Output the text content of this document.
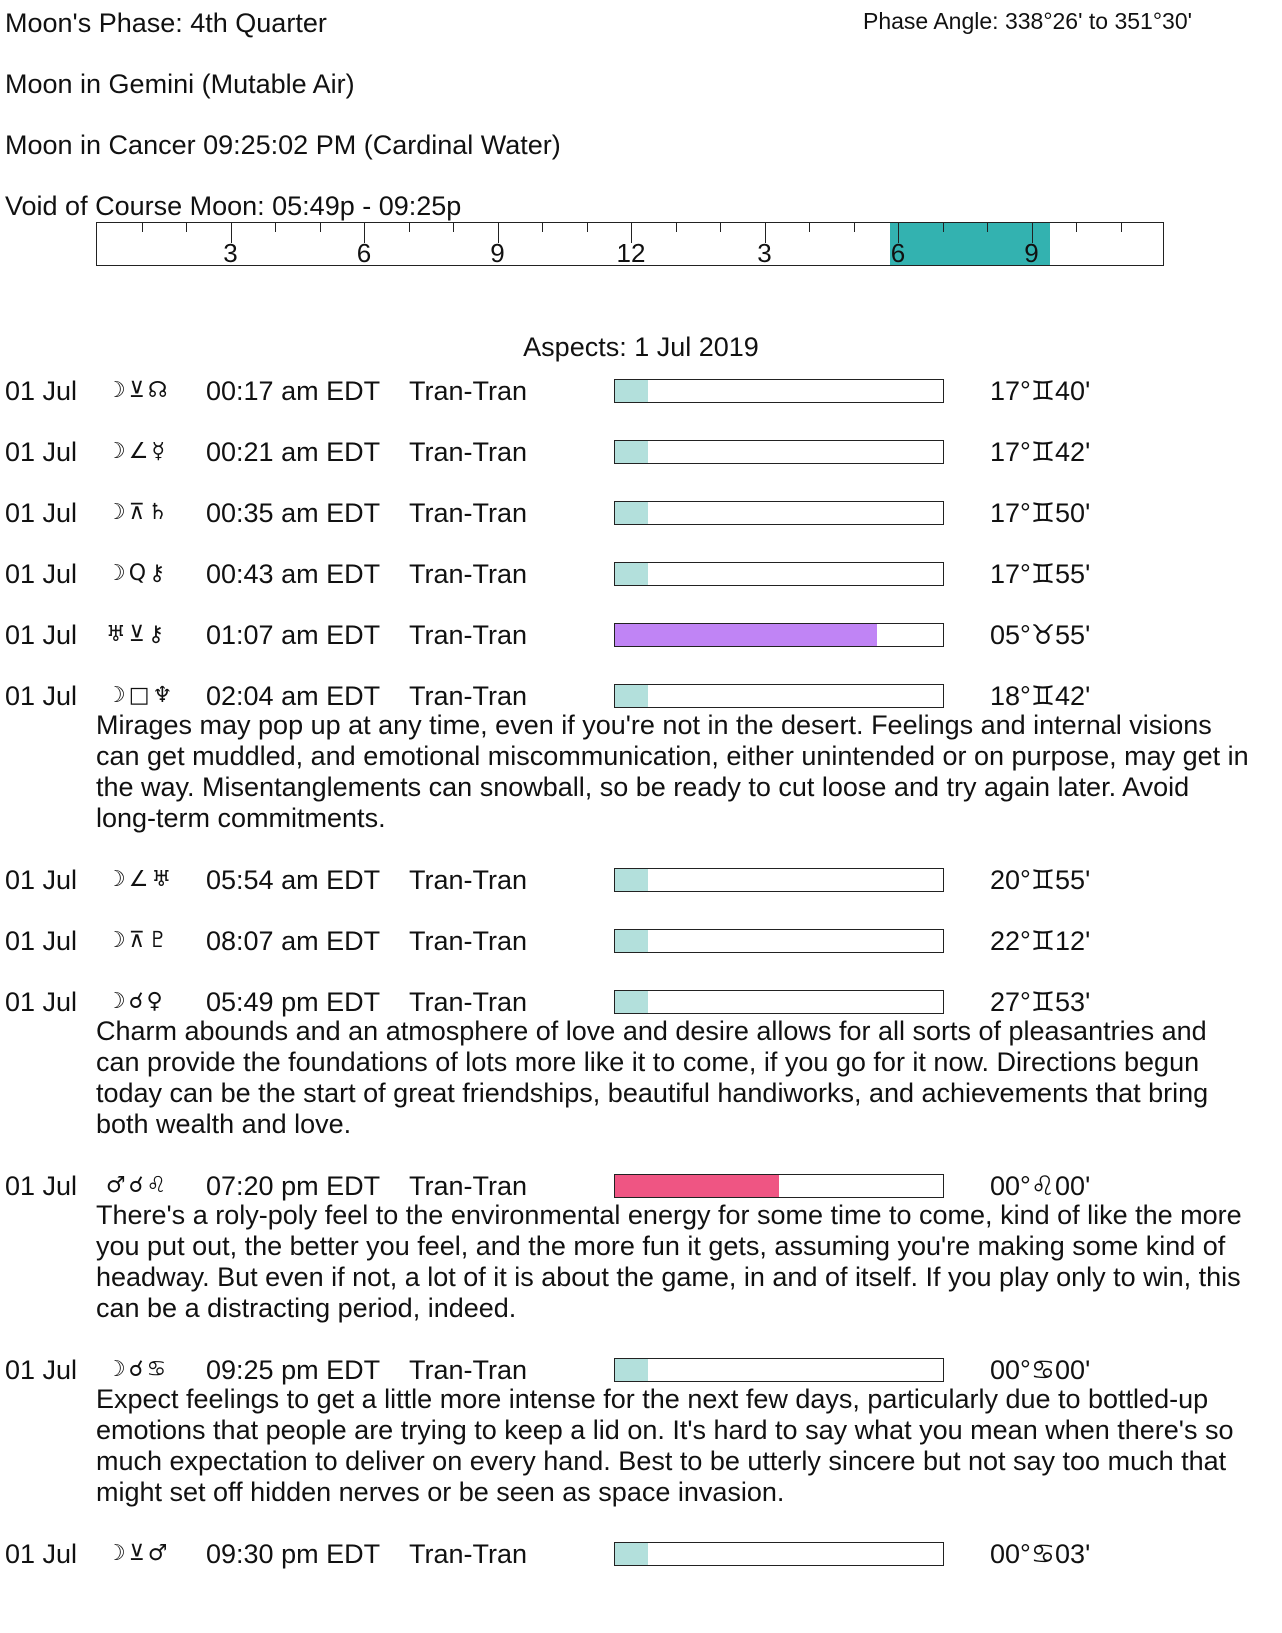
Moon's Phase: 4th Quarter	Phase Angle: 338°26' to 351°30'
Moon in Gemini (Mutable Air)
Moon in Cancer 09:25:02 PM (Cardinal Water)
Void of Course Moon: 05:49p - 09:25p
3	6	9	12	3	6	9
Aspects: 1 Jul 2019
01 Jul ☽⊻☊ 00:17 am EDT Tran-Tran	17°♊40'
01 Jul ☽∠☿ 00:21 am EDT Tran-Tran	17°♊42'
01 Jul ☽⊼♄ 00:35 am EDT Tran-Tran	17°♊50'
01 Jul ☽Q⚷ 00:43 am EDT Tran-Tran	17°♊55'
01 Jul ♅⊻⚷ 01:07 am EDT Tran-Tran	05°♉55'
01 Jul ☽□♆ 02:04 am EDT Tran-Tran	18°♊42'
Mirages may pop up at any time, even if you're not in the desert. Feelings and internal visions can get muddled, and emotional miscommunication, either unintended or on purpose, may get in the way. Misentanglements can snowball, so be ready to cut loose and try again later. Avoid long-term commitments.
01 Jul ☽∠♅ 05:54 am EDT Tran-Tran	20°♊55'
01 Jul ☽⊼♇ 08:07 am EDT Tran-Tran	22°♊12'
01 Jul ☽☌♀ 05:49 pm EDT Tran-Tran	27°♊53'
Charm abounds and an atmosphere of love and desire allows for all sorts of pleasantries and can provide the foundations of lots more like it to come, if you go for it now. Directions begun today can be the start of great friendships, beautiful handiworks, and achievements that bring both wealth and love.
01 Jul ♂☌♌ 07:20 pm EDT Tran-Tran	00°♌00'
There's a roly-poly feel to the environmental energy for some time to come, kind of like the more you put out, the better you feel, and the more fun it gets, assuming you're making some kind of headway. But even if not, a lot of it is about the game, in and of itself. If you play only to win, this can be a distracting period, indeed.
01 Jul ☽☌♋ 09:25 pm EDT Tran-Tran	00°♋00'
Expect feelings to get a little more intense for the next few days, particularly due to bottled-up emotions that people are trying to keep a lid on. It's hard to say what you mean when there's so much expectation to deliver on every hand. Best to be utterly sincere but not say too much that might set off hidden nerves or be seen as space invasion.
01 Jul ☽⊻♂ 09:30 pm EDT Tran-Tran	00°♋03'
